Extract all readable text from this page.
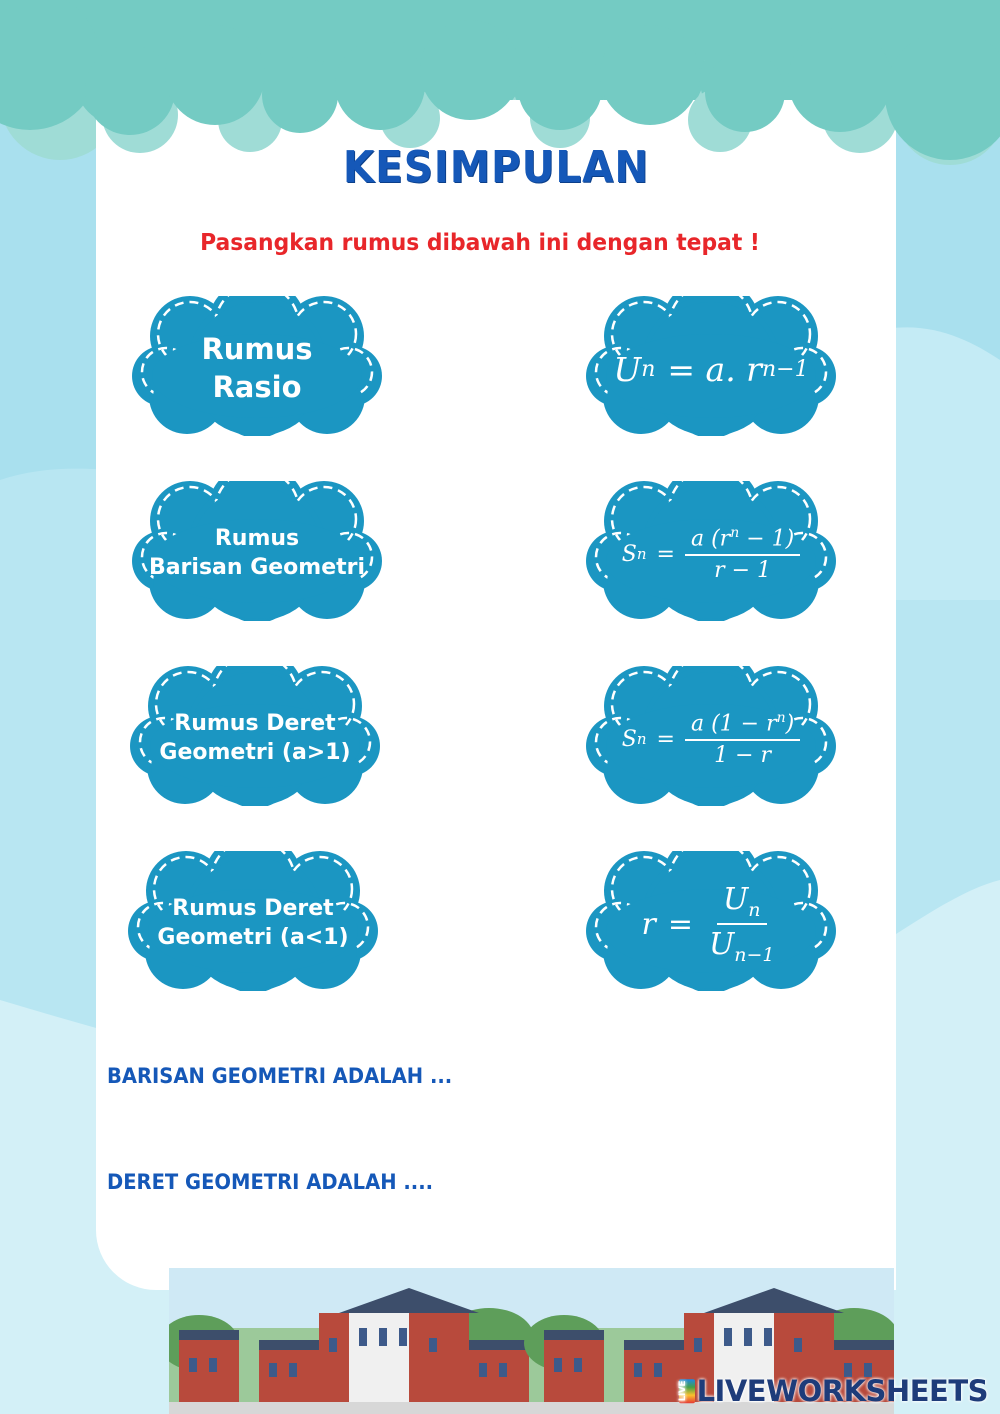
KESIMPULAN
Pasangkan rumus dibawah ini dengan tepat !
Rumus
Rasio
Rumus
Barisan Geometri
Rumus Deret
Geometri (a>1)
Rumus Deret
Geometri (a<1)
U n = a. r n−1
S $n = \frac{a (r^n - 1)}{r - 1}$
S $n = \frac{a (1 - r^n)}{1 - r}$
$r = \frac{U_n}{U_{n-1}}$
BARISAN GEOMETRI ADALAH ...
DERET GEOMETRI ADALAH ....
LIVE LIVEWORKSHEETS
